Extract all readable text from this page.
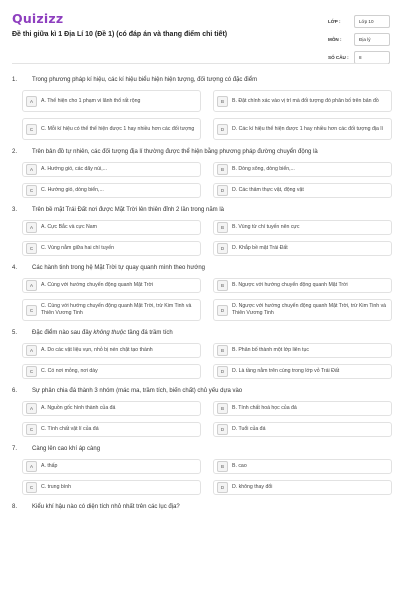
Quizizz
Đề thi giữa kì 1 Địa Lí 10 (Đề 1) (có đáp án và thang điểm chi tiết)
LỚP :	Lớp 10
MÔN :	Địa lý
SỐ CÂU :	8
1.	Trong phương pháp kí hiệu, các kí hiệu biểu hiện hiện tượng, đối tượng có đặc điểm
A	A. Thể hiện cho 1 phạm vi lãnh thổ rất rộng	B	B. Đặt chính xác vào vị trí mà đối tượng đó phân bố trên bản đồ
C	C. Mỗi kí hiệu có thể thể hiện được 1 hay nhiều hơn các đối tượng	D	D. Các kí hiệu thể hiện được 1 hay nhiều hơn các đối tượng địa lí
2.	Trên bản đồ tự nhiên, các đối tượng địa lí thường được thể hiện bằng phương pháp đường chuyển động là
A	A. Hướng gió, các dãy núi,...	B	B. Dòng sông, dòng biển,...
C	C. Hướng gió, dòng biển,...	D	D. Các thảm thực vật, động vật
3.	Trên bề mặt Trái Đất nơi được Mặt Trời lên thiên đỉnh 2 lần trong năm là
A	A. Cực Bắc và cực Nam	B	B. Vùng từ chí tuyến nên cực
C	C. Vùng nằm giữa hai chí tuyến	D	D. Khắp bề mặt Trái Đất
4.	Các hành tinh trong hệ Mặt Trời tự quay quanh mình theo hướng
A	A. Cùng với hướng chuyển động quanh Mặt Trời	B	B. Ngược với hướng chuyển động quanh Mặt Trời
C
C. Cùng với hướng chuyển động quanh Mặt Trời, trừ Kim Tinh và Thiên Vương Tinh	D
D. Ngược với hướng chuyển động quanh Mặt Trời, trừ Kim Tinh và Thiên Vương Tinh
5.	Đặc điểm nào sau đây không thuộc tầng đá trầm tích
A	A. Do các vật liệu vụn, nhỏ bị nén chặt tạo thành	B	B. Phân bố thành một lớp liên tục
C	C. Có nơi mỏng, nơi dày	D	D. Là tầng nằm trên cùng trong lớp vỏ Trái Đất
6.	Sự phân chia đá thành 3 nhóm (mác ma, trầm tích, biến chất) chủ yếu dựa vào
A	A. Nguồn gốc hình thành của đá	B	B. Tính chất hoá học của đá
C	C. Tính chất vật lí của đá	D	D. Tuổi của đá
7.	Càng lên cao khí áp càng
A	A. thấp	B	B. cao
C	C. trung bình	D	D. không thay đổi
8.	Kiểu khí hậu nào có diện tích nhỏ nhất trên các lục địa?
